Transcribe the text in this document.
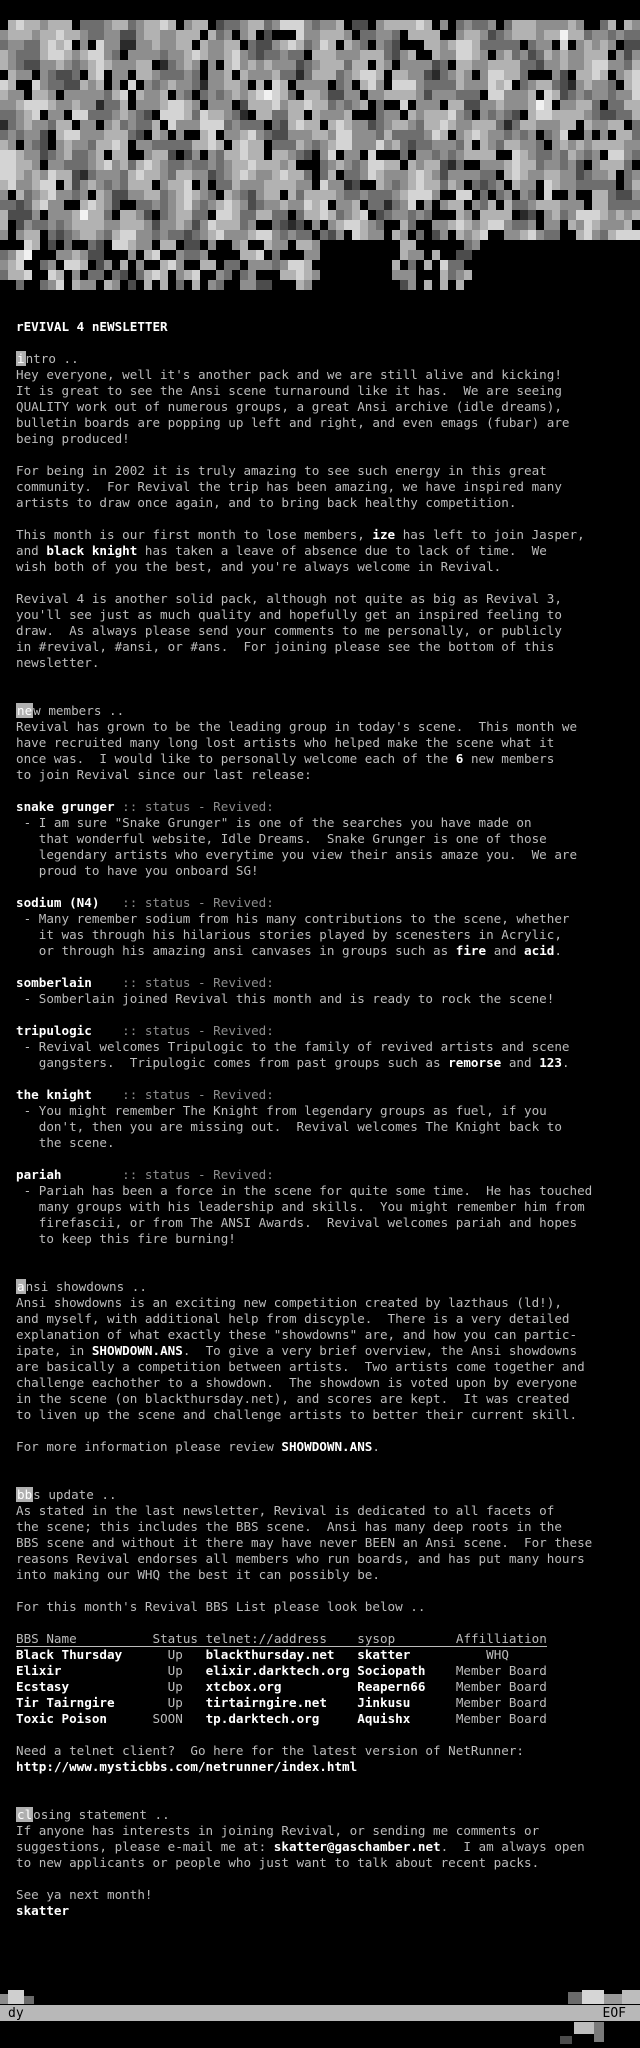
rEVIVAL 4 nEWSLETTER

intro ..
Hey everyone, well it's another pack and we are still alive and kicking!
It is great to see the Ansi scene turnaround like it has.  We are seeing
QUALITY work out of numerous groups, a great Ansi archive (idle dreams),
bulletin boards are popping up left and right, and even emags (fubar) are
being produced!

For being in 2002 it is truly amazing to see such energy in this great
community.  For Revival the trip has been amazing, we have inspired many
artists to draw once again, and to bring back healthy competition.

This month is our first month to lose members, ize has left to join Jasper,
and black knight has taken a leave of absence due to lack of time.  We
wish both of you the best, and you're always welcome in Revival.

Revival 4 is another solid pack, although not quite as big as Revival 3,
you'll see just as much quality and hopefully get an inspired feeling to
draw.  As always please send your comments to me personally, or publicly
in #revival, #ansi, or #ans.  For joining please see the bottom of this
newsletter.

new members ..
Revival has grown to be the leading group in today's scene.  This month we
have recruited many long lost artists who helped make the scene what it
once was.  I would like to personally welcome each of the 6 new members
to join Revival since our last release:

snake grunger :: status - Revived:
- I am sure "Snake Grunger" is one of the searches you have made on
that wonderful website, Idle Dreams.  Snake Grunger is one of those
legendary artists who everytime you view their ansis amaze you.  We are
proud to have you onboard SG!

sodium (N4) :: status - Revived:
- Many remember sodium from his many contributions to the scene, whether
it was through his hilarious stories played by scenesters in Acrylic,
or through his amazing ansi canvases in groups such as fire and acid.

somberlain :: status - Revived:
- Somberlain joined Revival this month and is ready to rock the scene!

tripulogic :: status - Revived:
- Revival welcomes Tripulogic to the family of revived artists and scene
gangsters.  Tripulogic comes from past groups such as remorse and 123.

the knight :: status - Revived:
- You might remember The Knight from legendary groups as fuel, if you
don't, then you are missing out.  Revival welcomes The Knight back to
the scene.

pariah	:: status - Revived:
- Pariah has been a force in the scene for quite some time.  He has touched
many groups with his leadership and skills.  You might remember him from
firefascii, or from The ANSI Awards.  Revival welcomes pariah and hopes
to keep this fire burning!

ansi showdowns ..
Ansi showdowns is an exciting new competition created by lazthaus (ld!),
and myself, with additional help from discyple.  There is a very detailed
explanation of what exactly these "showdowns" are, and how you can partic-
ipate, in SHOWDOWN.ANS.  To give a very brief overview, the Ansi showdowns
are basically a competition between artists.  Two artists come together and
challenge eachother to a showdown.  The showdown is voted upon by everyone
in the scene (on blackthursday.net), and scores are kept.  It was created
to liven up the scene and challenge artists to better their current skill.

For more information please review SHOWDOWN.ANS.

bbs update ..
As stated in the last newsletter, Revival is dedicated to all facets of
the scene; this includes the BBS scene.  Ansi has many deep roots in the
BBS scene and without it there may have never BEEN an Ansi scene.  For these
reasons Revival endorses all members who run boards, and has put many hours
into making our WHQ the best it can possibly be.

For this month's Revival BBS List please look below ..

BBS Name	Status telnet://address sysop	Affilliation
Black Thursday	Up blackthursday.net skatter	WHQ
Elixir	Up elixir.darktech.org Sociopath Member Board
Ecstasy	Up xtcbox.org	Reapern66 Member Board
Tir Tairngire	Up tirtairngire.net Jinkusu	Member Board
Toxic Poison	SOON tp.darktech.org	Aquishx	Member Board

Need a telnet client?  Go here for the latest version of NetRunner:
http://www.mysticbbs.com/netrunner/index.html

closing statement ..
If anyone has interests in joining Revival, or sending me comments or
suggestions, please e-mail me at: skatter@gaschamber.net.  I am always open
to new applicants or people who just want to talk about recent packs.

See ya next month!
skatter
dy	EOF
